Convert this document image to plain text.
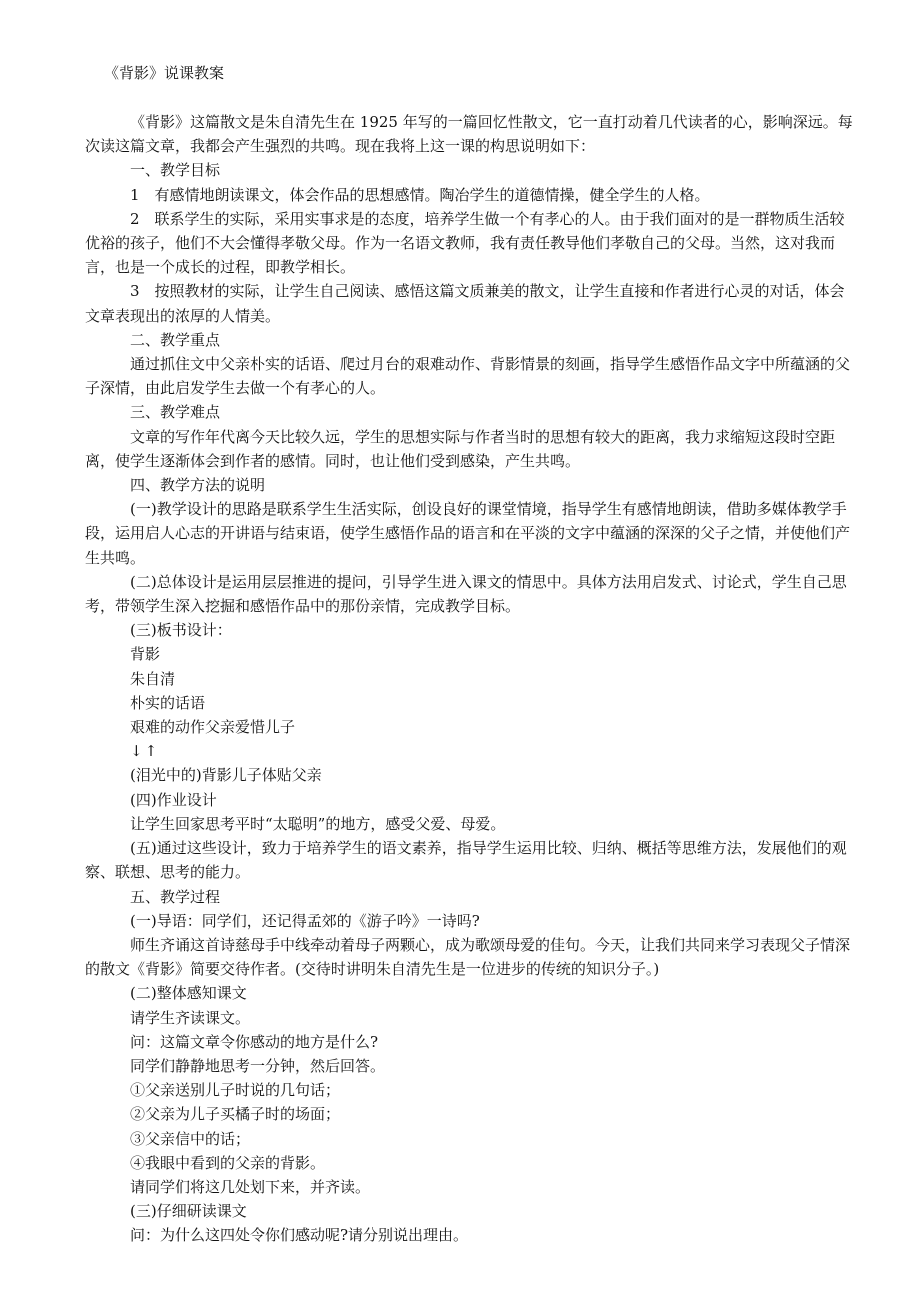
《背影》说课教案

《背影》这篇散文是朱自清先生在 1925 年写的一篇回忆性散文，它一直打动着几代读者的心，影响深远。每次读这篇文章，我都会产生强烈的共鸣。现在我将上这一课的构思说明如下：

一、教学目标

1　有感情地朗读课文，体会作品的思想感情。陶冶学生的道德情操，健全学生的人格。

2　联系学生的实际，采用实事求是的态度，培养学生做一个有孝心的人。由于我们面对的是一群物质生活较优裕的孩子，他们不大会懂得孝敬父母。作为一名语文教师，我有责任教导他们孝敬自己的父母。当然，这对我而言，也是一个成长的过程，即教学相长。

3　按照教材的实际，让学生自己阅读、感悟这篇文质兼美的散文，让学生直接和作者进行心灵的对话，体会文章表现出的浓厚的人情美。

二、教学重点

通过抓住文中父亲朴实的话语、爬过月台的艰难动作、背影情景的刻画，指导学生感悟作品文字中所蕴涵的父子深情，由此启发学生去做一个有孝心的人。

三、教学难点

文章的写作年代离今天比较久远，学生的思想实际与作者当时的思想有较大的距离，我力求缩短这段时空距离，使学生逐渐体会到作者的感情。同时，也让他们受到感染，产生共鸣。

四、教学方法的说明

(一)教学设计的思路是联系学生生活实际，创设良好的课堂情境，指导学生有感情地朗读，借助多媒体教学手段，运用启人心志的开讲语与结束语，使学生感悟作品的语言和在平淡的文字中蕴涵的深深的父子之情，并使他们产生共鸣。

(二)总体设计是运用层层推进的提问，引导学生进入课文的情思中。具体方法用启发式、讨论式，学生自己思考，带领学生深入挖掘和感悟作品中的那份亲情，完成教学目标。

(三)板书设计：

背影

朱自清

朴实的话语

艰难的动作父亲爱惜儿子

↓↑

(泪光中的)背影儿子体贴父亲

(四)作业设计

让学生回家思考平时“太聪明”的地方，感受父爱、母爱。

(五)通过这些设计，致力于培养学生的语文素养，指导学生运用比较、归纳、概括等思维方法，发展他们的观察、联想、思考的能力。

五、教学过程

(一)导语：同学们，还记得孟郊的《游子吟》一诗吗?

师生齐诵这首诗慈母手中线牵动着母子两颗心，成为歌颂母爱的佳句。今天，让我们共同来学习表现父子情深的散文《背影》简要交待作者。(交待时讲明朱自清先生是一位进步的传统的知识分子。)

(二)整体感知课文

请学生齐读课文。

问：这篇文章令你感动的地方是什么?

同学们静静地思考一分钟，然后回答。

①父亲送别儿子时说的几句话；

②父亲为儿子买橘子时的场面；

③父亲信中的话；

④我眼中看到的父亲的背影。

请同学们将这几处划下来，并齐读。

(三)仔细研读课文

问：为什么这四处令你们感动呢?请分别说出理由。
